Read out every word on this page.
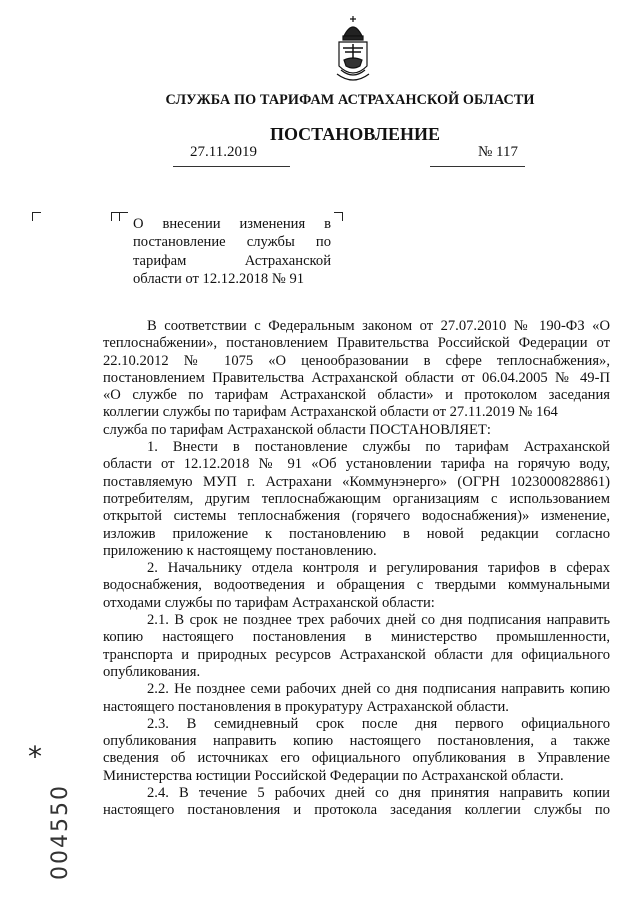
СЛУЖБА ПО ТАРИФАМ АСТРАХАНСКОЙ ОБЛАСТИ
ПОСТАНОВЛЕНИЕ
27.11.2019	№ 117
О внесении изменения в
постановление службы по
тарифам Астраханской
области от 12.12.2018 № 91
В соответствии с Федеральным законом от 27.07.2010 № 190-ФЗ «О
теплоснабжении», постановлением Правительства Российской Федерации от
22.10.2012 № 1075 «О ценообразовании в сфере теплоснабжения»,
постановлением Правительства Астраханской области от 06.04.2005 № 49-П
«О службе по тарифам Астраханской области» и протоколом заседания
коллегии службы по тарифам Астраханской области от 27.11.2019 № 164
служба по тарифам Астраханской области ПОСТАНОВЛЯЕТ:
1. Внести в постановление службы по тарифам Астраханской
области от 12.12.2018 № 91 «Об установлении тарифа на горячую воду,
поставляемую МУП г. Астрахани «Коммунэнерго» (ОГРН 1023000828861)
потребителям, другим теплоснабжающим организациям с использованием
открытой системы теплоснабжения (горячего водоснабжения)» изменение,
изложив приложение к постановлению в новой редакции согласно
приложению к настоящему постановлению.
2. Начальнику отдела контроля и регулирования тарифов в сферах
водоснабжения, водоотведения и обращения с твердыми коммунальными
отходами службы по тарифам Астраханской области:
2.1. В срок не позднее трех рабочих дней со дня подписания направить
копию настоящего постановления в министерство промышленности,
транспорта и природных ресурсов Астраханской области для официального
опубликования.
2.2. Не позднее семи рабочих дней со дня подписания направить копию
настоящего постановления в прокуратуру Астраханской области.
2.3. В семидневный срок после дня первого официального
опубликования направить копию настоящего постановления, а также
сведения об источниках его официального опубликования в Управление
Министерства юстиции Российской Федерации по Астраханской области.
2.4. В течение 5 рабочих дней со дня принятия направить копии
настоящего постановления и протокола заседания коллегии службы по
*
004550
